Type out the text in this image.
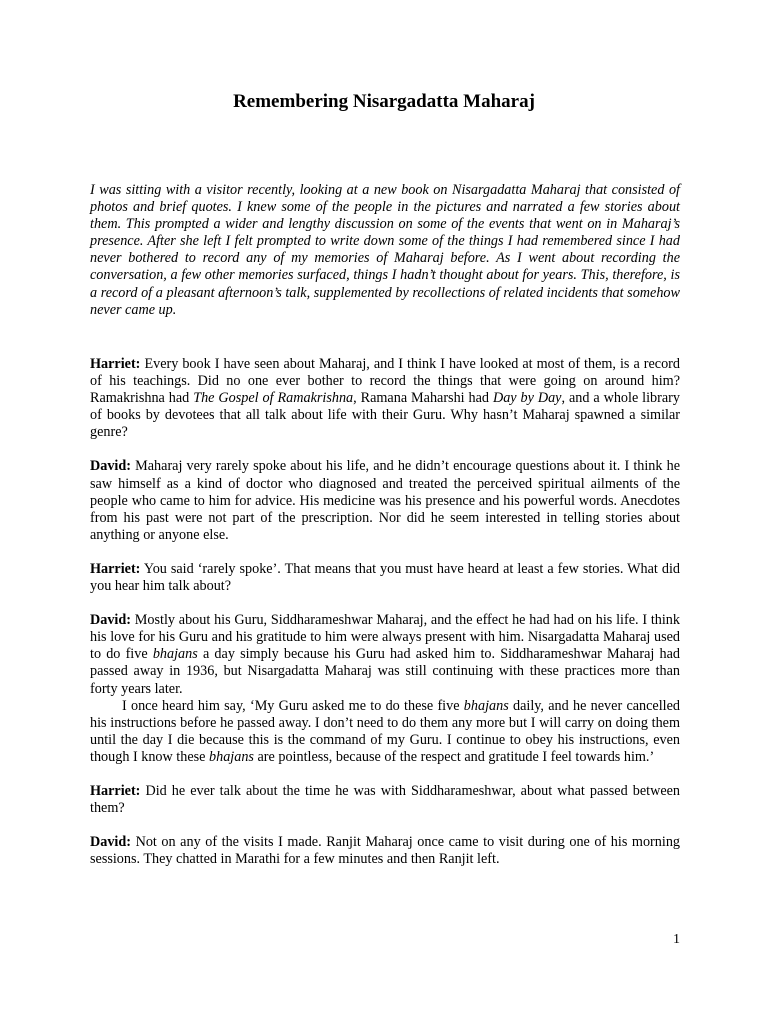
Remembering Nisargadatta Maharaj

I was sitting with a visitor recently, looking at a new book on Nisargadatta Maharaj that consisted of photos and brief quotes. I knew some of the people in the pictures and narrated a few stories about them. This prompted a wider and lengthy discussion on some of the events that went on in Maharaj’s presence. After she left I felt prompted to write down some of the things I had remembered since I had never bothered to record any of my memories of Maharaj before. As I went about recording the conversation, a few other memories surfaced, things I hadn’t thought about for years. This, therefore, is a record of a pleasant afternoon’s talk, supplemented by recollections of related incidents that somehow never came up.

Harriet: Every book I have seen about Maharaj, and I think I have looked at most of them, is a record of his teachings. Did no one ever bother to record the things that were going on around him? Ramakrishna had The Gospel of Ramakrishna, Ramana Maharshi had Day by Day, and a whole library of books by devotees that all talk about life with their Guru. Why hasn’t Maharaj spawned a similar genre?

David: Maharaj very rarely spoke about his life, and he didn’t encourage questions about it. I think he saw himself as a kind of doctor who diagnosed and treated the perceived spiritual ailments of the people who came to him for advice. His medicine was his presence and his powerful words. Anecdotes from his past were not part of the prescription. Nor did he seem interested in telling stories about anything or anyone else.

Harriet: You said ‘rarely spoke’. That means that you must have heard at least a few stories. What did you hear him talk about?

David: Mostly about his Guru, Siddharameshwar Maharaj, and the effect he had had on his life. I think his love for his Guru and his gratitude to him were always present with him. Nisargadatta Maharaj used to do five bhajans a day simply because his Guru had asked him to. Siddharameshwar Maharaj had passed away in 1936, but Nisargadatta Maharaj was still continuing with these practices more than forty years later.
I once heard him say, ‘My Guru asked me to do these five bhajans daily, and he never cancelled his instructions before he passed away. I don’t need to do them any more but I will carry on doing them until the day I die because this is the command of my Guru. I continue to obey his instructions, even though I know these bhajans are pointless, because of the respect and gratitude I feel towards him.’

Harriet: Did he ever talk about the time he was with Siddharameshwar, about what passed between them?

David: Not on any of the visits I made. Ranjit Maharaj once came to visit during one of his morning sessions. They chatted in Marathi for a few minutes and then Ranjit left.

1
